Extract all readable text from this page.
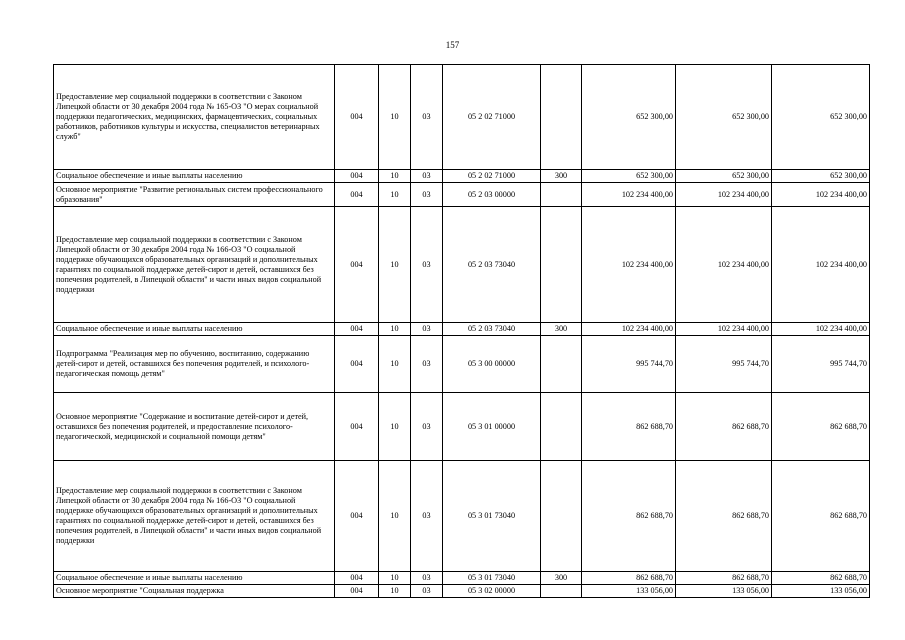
157
Предоставление мер социальной поддержки в соответствии с Законом Липецкой области от 30 декабря 2004 года № 165-ОЗ "О мерах социальной поддержки педагогических, медицинских, фармацевтических, социальных работников, работников культуры и искусства, специалистов ветеринарных служб"	004	10	03	05 2 02 71000		652 300,00	652 300,00	652 300,00
Социальное обеспечение и иные выплаты населению	004	10	03	05 2 02 71000	300	652 300,00	652 300,00	652 300,00
Основное мероприятие "Развитие региональных систем профессионального образования"	004	10	03	05 2 03 00000		102 234 400,00	102 234 400,00	102 234 400,00
Предоставление мер социальной поддержки в соответствии с Законом Липецкой области от 30 декабря 2004 года № 166-ОЗ "О социальной поддержке обучающихся образовательных организаций и дополнительных гарантиях по социальной поддержке детей-сирот и детей, оставшихся без попечения родителей, в Липецкой области" и части иных видов социальной поддержки	004	10	03	05 2 03 73040		102 234 400,00	102 234 400,00	102 234 400,00
Социальное обеспечение и иные выплаты населению	004	10	03	05 2 03 73040	300	102 234 400,00	102 234 400,00	102 234 400,00
Подпрограмма "Реализация мер по обучению, воспитанию, содержанию детей-сирот и детей, оставшихся без попечения родителей, и психолого-педагогическая помощь детям"	004	10	03	05 3 00 00000		995 744,70	995 744,70	995 744,70
Основное мероприятие "Содержание и воспитание детей-сирот и детей, оставшихся без попечения родителей, и предоставление психолого-педагогической, медицинской и социальной помощи детям"	004	10	03	05 3 01 00000		862 688,70	862 688,70	862 688,70
Предоставление мер социальной поддержки в соответствии с Законом Липецкой области от 30 декабря 2004 года № 166-ОЗ "О социальной поддержке обучающихся образовательных организаций и дополнительных гарантиях по социальной поддержке детей-сирот и детей, оставшихся без попечения родителей, в Липецкой области" и части иных видов социальной поддержки	004	10	03	05 3 01 73040		862 688,70	862 688,70	862 688,70
Социальное обеспечение и иные выплаты населению	004	10	03	05 3 01 73040	300	862 688,70	862 688,70	862 688,70
Основное мероприятие "Социальная поддержка	004	10	03	05 3 02 00000		133 056,00	133 056,00	133 056,00
